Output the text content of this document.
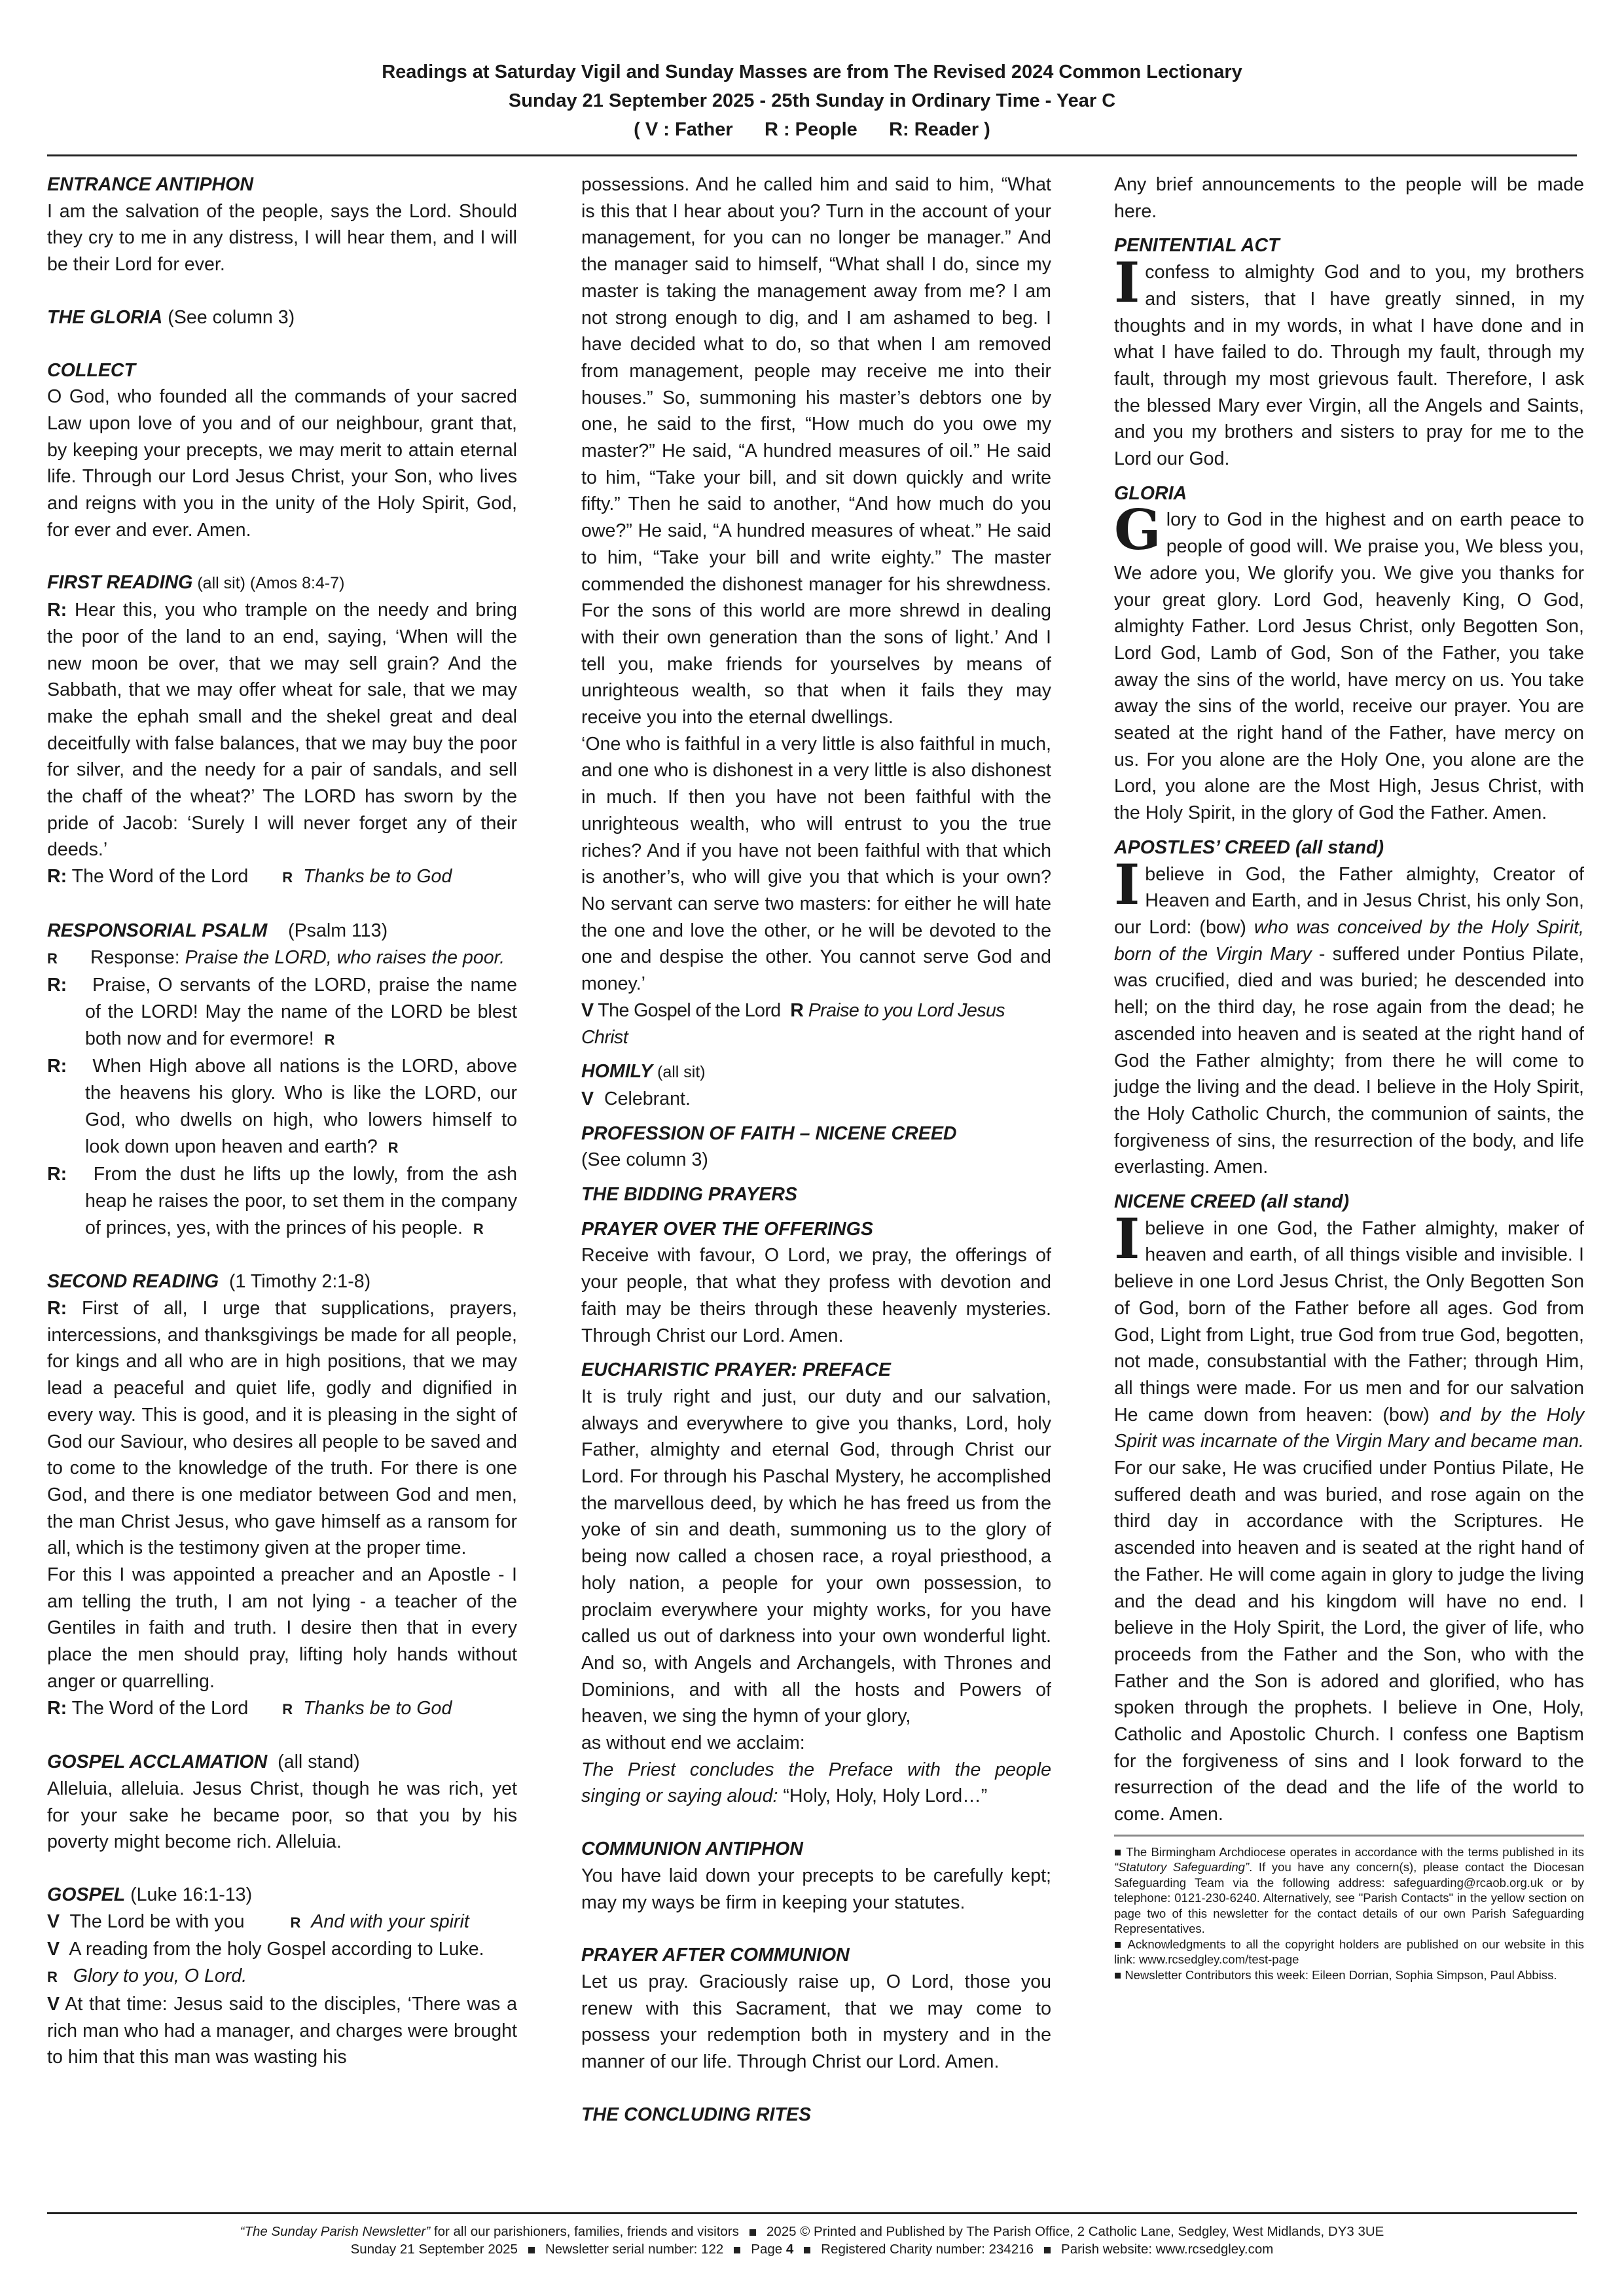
Readings at Saturday Vigil and Sunday Masses are from The Revised 2024 Common Lectionary
Sunday 21 September 2025 - 25th Sunday in Ordinary Time - Year C
( V : Father      R : People      R: Reader )
ENTRANCE ANTIPHON
I am the salvation of the people, says the Lord. Should they cry to me in any distress, I will hear them, and I will be their Lord for ever.
THE GLORIA (See column 3)
COLLECT
O God, who founded all the commands of your sacred Law upon love of you and of our neighbour, grant that, by keeping your precepts, we may merit to attain eternal life. Through our Lord Jesus Christ, your Son, who lives and reigns with you in the unity of the Holy Spirit, God, for ever and ever. Amen.
FIRST READING (all sit) (Amos 8:4-7)
R: Hear this, you who trample on the needy and bring the poor of the land to an end, saying, ‘When will the new moon be over, that we may sell grain? And the Sabbath, that we may offer wheat for sale, that we may make the ephah small and the shekel great and deal deceitfully with false balances, that we may buy the poor for silver, and the needy for a pair of sandals, and sell the chaff of the wheat?’ The LORD has sworn by the pride of Jacob: ‘Surely I will never forget any of their deeds.’
R: The Word of the Lord R Thanks be to God
RESPONSORIAL PSALM    (Psalm 113)
R Response: Praise the LORD, who raises the poor.
R: Praise, O servants of the LORD, praise the name of the LORD! May the name of the LORD be blest both now and for evermore! R
R: When High above all nations is the LORD, above the heavens his glory. Who is like the LORD, our God, who dwells on high, who lowers himself to look down upon heaven and earth? R
R: From the dust he lifts up the lowly, from the ash heap he raises the poor, to set them in the company of princes, yes, with the princes of his people. R
SECOND READING  (1 Timothy 2:1-8)
R: First of all, I urge that supplications, prayers, intercessions, and thanksgivings be made for all people, for kings and all who are in high positions, that we may lead a peaceful and quiet life, godly and dignified in every way. This is good, and it is pleasing in the sight of God our Saviour, who desires all people to be saved and to come to the knowledge of the truth. For there is one God, and there is one mediator between God and men, the man Christ Jesus, who gave himself as a ransom for all, which is the testimony given at the proper time.
For this I was appointed a preacher and an Apostle - I am telling the truth, I am not lying - a teacher of the Gentiles in faith and truth. I desire then that in every place the men should pray, lifting holy hands without anger or quarrelling.
R: The Word of the Lord R Thanks be to God
GOSPEL ACCLAMATION  (all stand)
Alleluia, alleluia. Jesus Christ, though he was rich, yet for your sake he became poor, so that you by his poverty might become rich. Alleluia.
GOSPEL (Luke 16:1-13)
V  The Lord be with you	R And with your spirit
V  A reading from the holy Gospel according to Luke.
R Glory to you, O Lord.
V At that time: Jesus said to the disciples, ‘There was a rich man who had a manager, and charges were brought to him that this man was wasting his
possessions. And he called him and said to him, “What is this that I hear about you? Turn in the account of your management, for you can no longer be manager.” And the manager said to himself, “What shall I do, since my master is taking the management away from me? I am not strong enough to dig, and I am ashamed to beg. I have decided what to do, so that when I am removed from management, people may receive me into their houses.” So, summoning his master’s debtors one by one, he said to the first, “How much do you owe my master?” He said, “A hundred measures of oil.” He said to him, “Take your bill, and sit down quickly and write fifty.” Then he said to another, “And how much do you owe?” He said, “A hundred measures of wheat.” He said to him, “Take your bill and write eighty.” The master commended the dishonest manager for his shrewdness. For the sons of this world are more shrewd in dealing with their own generation than the sons of light.’ And I tell you, make friends for yourselves by means of unrighteous wealth, so that when it fails they may receive you into the eternal dwellings.
‘One who is faithful in a very little is also faithful in much, and one who is dishonest in a very little is also dishonest in much. If then you have not been faithful with the unrighteous wealth, who will entrust to you the true riches? And if you have not been faithful with that which is another’s, who will give you that which is your own? No servant can serve two masters: for either he will hate the one and love the other, or he will be devoted to the one and despise the other. You cannot serve God and money.’
V The Gospel of the Lord  R Praise to you Lord Jesus Christ
HOMILY (all sit)
V  Celebrant.
PROFESSION OF FAITH – NICENE CREED
(See column 3)
THE BIDDING PRAYERS
PRAYER OVER THE OFFERINGS
Receive with favour, O Lord, we pray, the offerings of your people, that what they profess with devotion and faith may be theirs through these heavenly mysteries. Through Christ our Lord. Amen.
EUCHARISTIC PRAYER: PREFACE
It is truly right and just, our duty and our salvation, always and everywhere to give you thanks, Lord, holy Father, almighty and eternal God, through Christ our Lord. For through his Paschal Mystery, he accomplished the marvellous deed, by which he has freed us from the yoke of sin and death, summoning us to the glory of being now called a chosen race, a royal priesthood, a holy nation, a people for your own possession, to proclaim everywhere your mighty works, for you have called us out of darkness into your own wonderful light. And so, with Angels and Archangels, with Thrones and Dominions, and with all the hosts and Powers of heaven, we sing the hymn of your glory,
as without end we acclaim:
The Priest concludes the Preface with the people singing or saying aloud: “Holy, Holy, Holy Lord…”
COMMUNION ANTIPHON
You have laid down your precepts to be carefully kept; may my ways be firm in keeping your statutes.
PRAYER AFTER COMMUNION
Let us pray. Graciously raise up, O Lord, those you renew with this Sacrament, that we may come to possess your redemption both in mystery and in the manner of our life. Through Christ our Lord. Amen.
THE CONCLUDING RITES
Any brief announcements to the people will be made here.
PENITENTIAL ACT
I confess to almighty God and to you, my brothers and sisters, that I have greatly sinned, in my thoughts and in my words, in what I have done and in what I have failed to do. Through my fault, through my fault, through my most grievous fault. Therefore, I ask the blessed Mary ever Virgin, all the Angels and Saints, and you my brothers and sisters to pray for me to the Lord our God.
GLORIA
Glory to God in the highest and on earth peace to people of good will. We praise you, We bless you, We adore you, We glorify you. We give you thanks for your great glory. Lord God, heavenly King, O God, almighty Father. Lord Jesus Christ, only Begotten Son, Lord God, Lamb of God, Son of the Father, you take away the sins of the world, have mercy on us. You take away the sins of the world, receive our prayer. You are seated at the right hand of the Father, have mercy on us. For you alone are the Holy One, you alone are the Lord, you alone are the Most High, Jesus Christ, with the Holy Spirit, in the glory of God the Father. Amen.
APOSTLES’ CREED (all stand)
I believe in God, the Father almighty, Creator of Heaven and Earth, and in Jesus Christ, his only Son, our Lord: (bow) who was conceived by the Holy Spirit, born of the Virgin Mary - suffered under Pontius Pilate, was crucified, died and was buried; he descended into hell; on the third day, he rose again from the dead; he ascended into heaven and is seated at the right hand of God the Father almighty; from there he will come to judge the living and the dead. I believe in the Holy Spirit, the Holy Catholic Church, the communion of saints, the forgiveness of sins, the resurrection of the body, and life everlasting. Amen.
NICENE CREED (all stand)
I believe in one God, the Father almighty, maker of heaven and earth, of all things visible and invisible. I believe in one Lord Jesus Christ, the Only Begotten Son of God, born of the Father before all ages. God from God, Light from Light, true God from true God, begotten, not made, consubstantial with the Father; through Him, all things were made. For us men and for our salvation He came down from heaven: (bow) and by the Holy Spirit was incarnate of the Virgin Mary and became man. For our sake, He was crucified under Pontius Pilate, He suffered death and was buried, and rose again on the third day in accordance with the Scriptures. He ascended into heaven and is seated at the right hand of the Father. He will come again in glory to judge the living and the dead and his kingdom will have no end. I believe in the Holy Spirit, the Lord, the giver of life, who proceeds from the Father and the Son, who with the Father and the Son is adored and glorified, who has spoken through the prophets. I believe in One, Holy, Catholic and Apostolic Church. I confess one Baptism for the forgiveness of sins and I look forward to the resurrection of the dead and the life of the world to come. Amen.
■ The Birmingham Archdiocese operates in accordance with the terms published in its “Statutory Safeguarding”. If you have any concern(s), please contact the Diocesan Safeguarding Team via the following address: safeguarding@rcaob.org.uk or by telephone: 0121-230-6240. Alternatively, see "Parish Contacts" in the yellow section on page two of this newsletter for the contact details of our own Parish Safeguarding Representatives.
■ Acknowledgments to all the copyright holders are published on our website in this link: www.rcsedgley.com/test-page
■ Newsletter Contributors this week: Eileen Dorrian, Sophia Simpson, Paul Abbiss.
“The Sunday Parish Newsletter” for all our parishioners, families, friends and visitors 2025 © Printed and Published by The Parish Office, 2 Catholic Lane, Sedgley, West Midlands, DY3 3UE
Sunday 21 September 2025 Newsletter serial number: 122 Page 4 Registered Charity number: 234216 Parish website: www.rcsedgley.com
